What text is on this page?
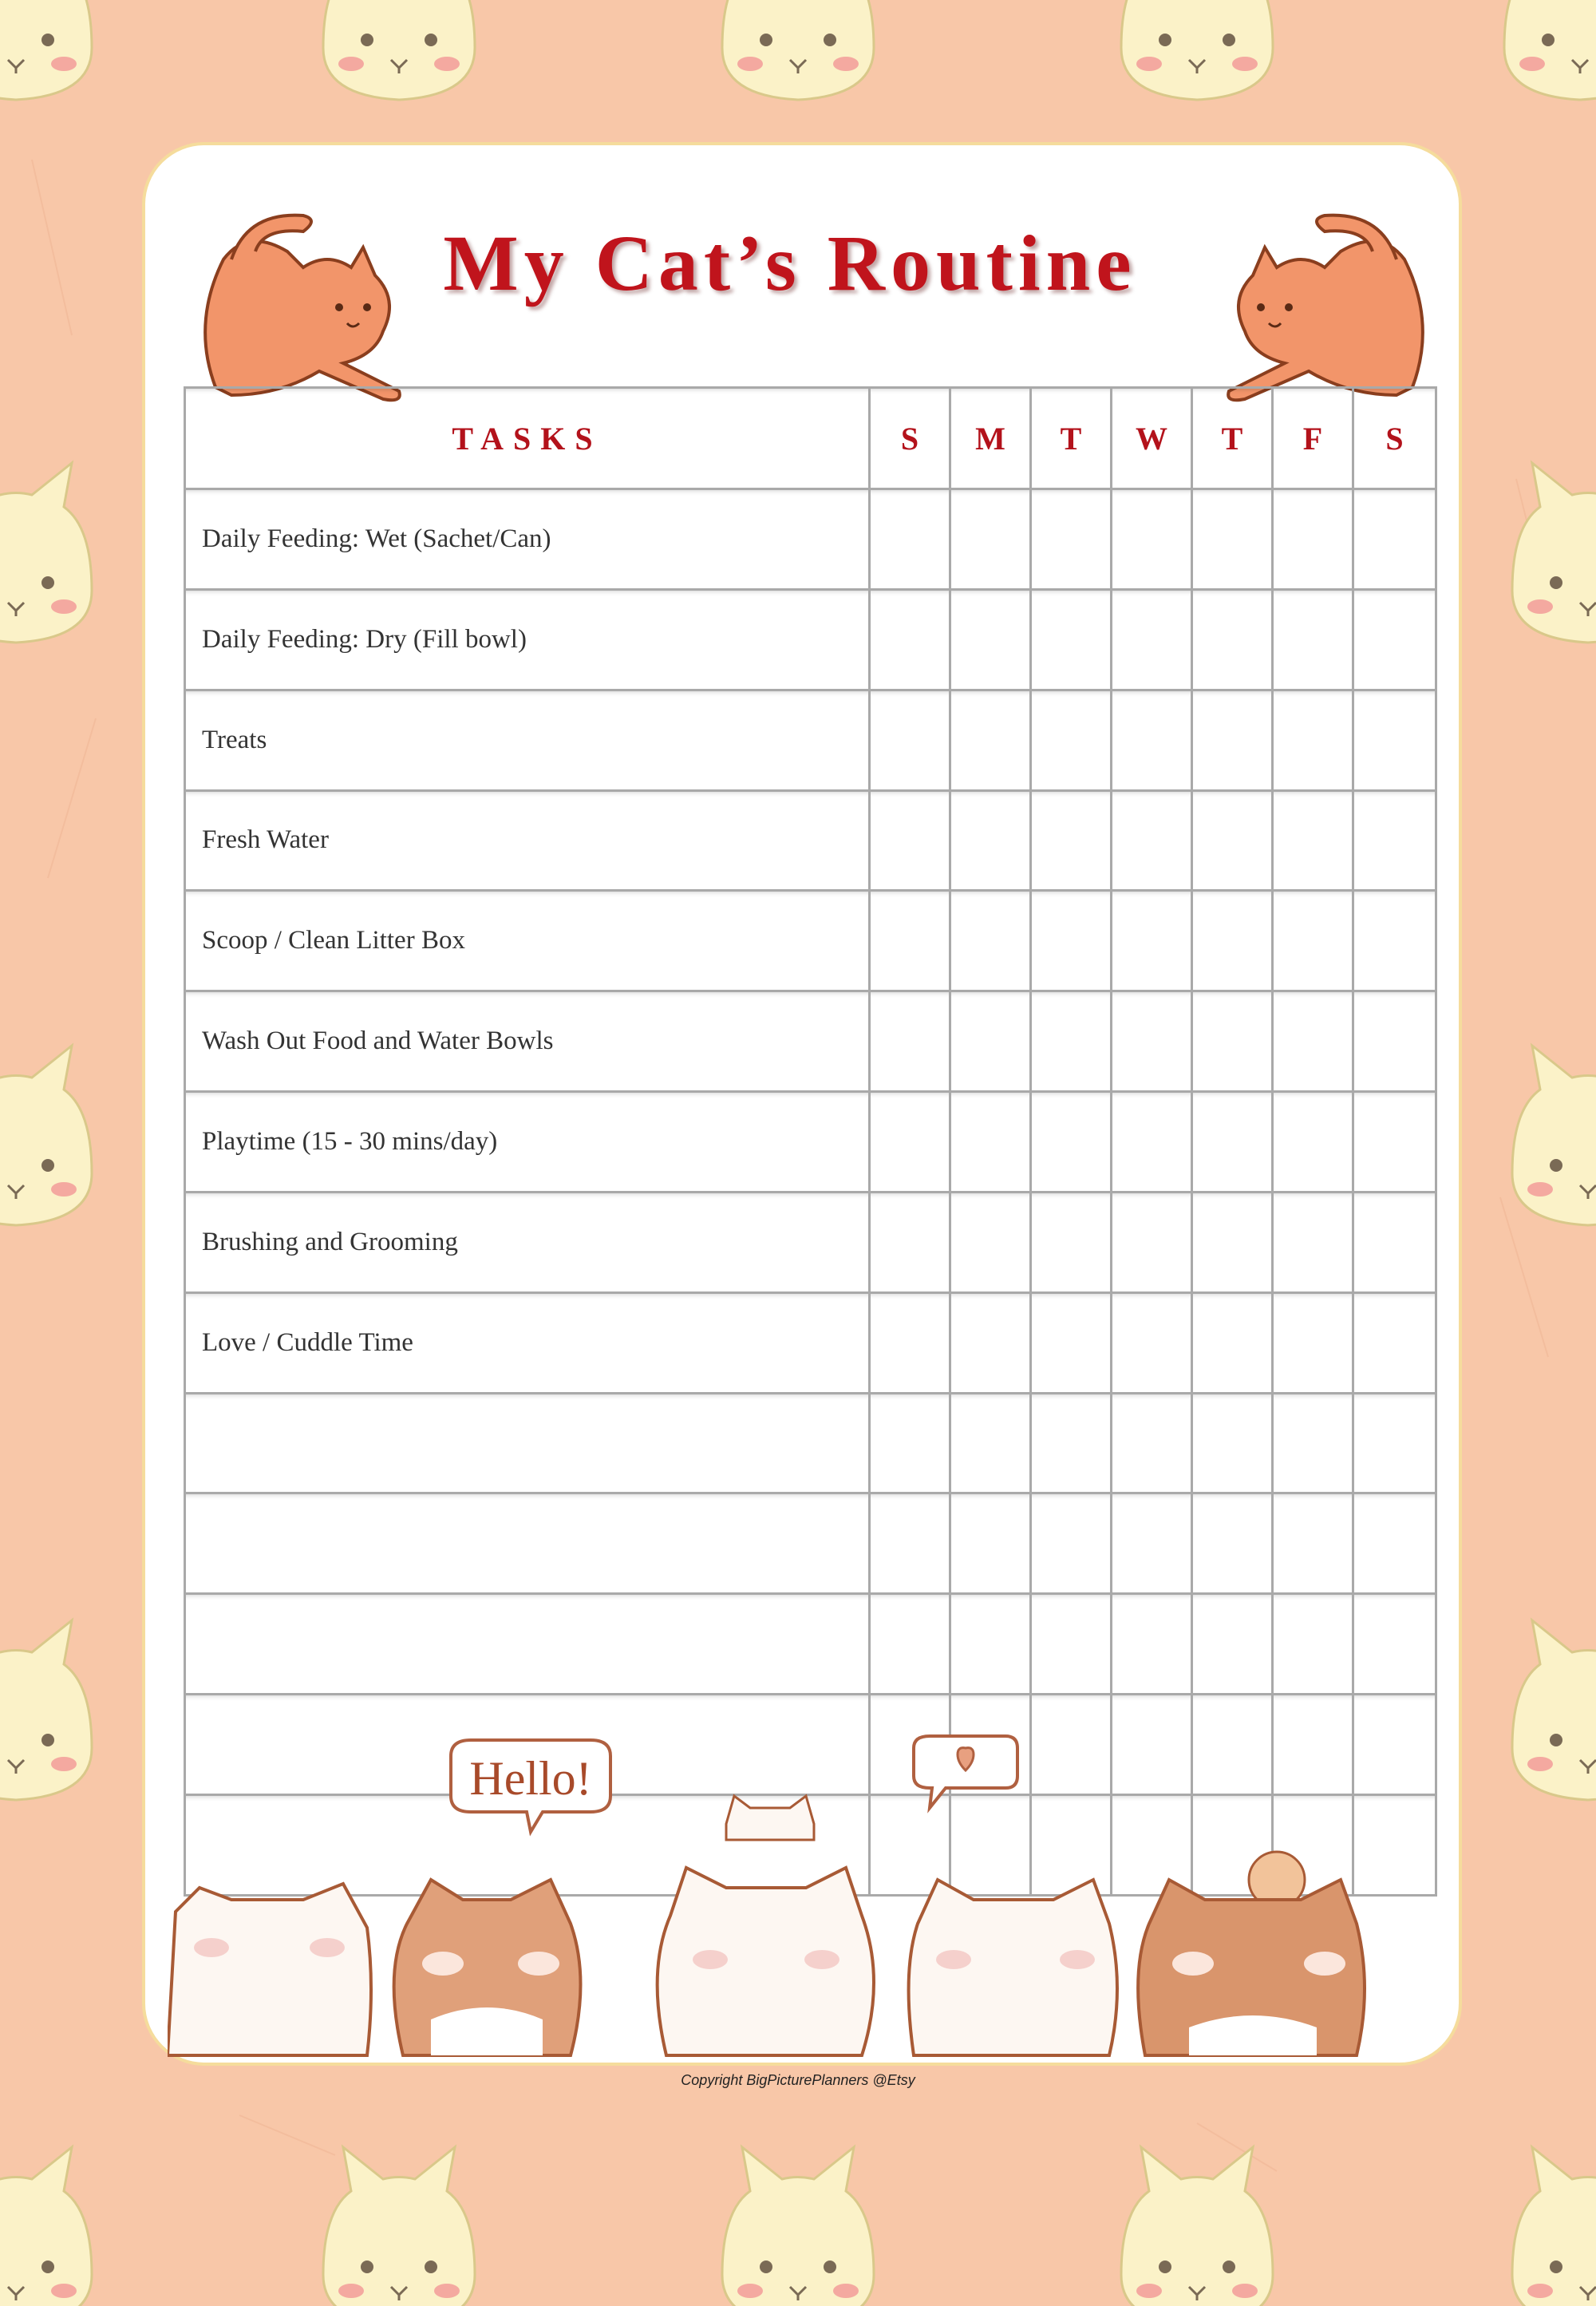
My Cat’s Routine
TASKS	S	M	T	W	T	F	S
Daily Feeding: Wet (Sachet/Can)							
Daily Feeding: Dry (Fill bowl)							
Treats							
Fresh Water							
Scoop / Clean Litter Box							
Wash Out Food and Water Bowls							
Playtime (15 - 30 mins/day)							
Brushing and Grooming							
Love / Cuddle Time							

Hello!
Copyright BigPicturePlanners @Etsy
